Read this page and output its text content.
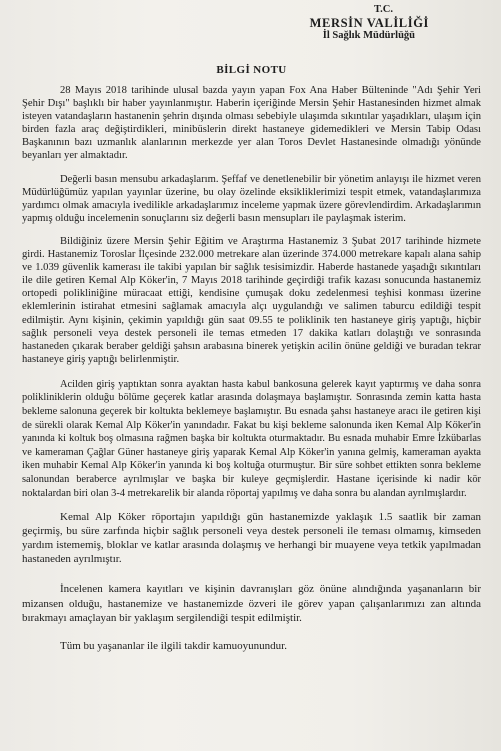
T.C.
MERSİN VALİLİĞİ
İl Sağlık Müdürlüğü
BİLGİ NOTU

28 Mayıs 2018 tarihinde ulusal bazda yayın yapan Fox Ana Haber Bülteninde "Adı Şehir Yeri Şehir Dışı" başlıklı bir haber yayınlanmıştır. Haberin içeriğinde Mersin Şehir Hastanesinden hizmet almak isteyen vatandaşların hastanenin şehrin dışında olması sebebiyle ulaşımda sıkıntılar yaşadıkları, ulaşım için birden fazla araç değiştirdikleri, minibüslerin direkt hastaneye gidemedikleri ve Mersin Tabip Odası Başkanının bazı uzmanlık alanlarının merkezde yer alan Toros Devlet Hastanesinde olmadığı yönünde beyanları yer almaktadır.

Değerli basın mensubu arkadaşlarım. Şeffaf ve denetlenebilir bir yönetim anlayışı ile hizmet veren Müdürlüğümüz yapılan yayınlar üzerine, bu olay özelinde eksikliklerimizi tespit etmek, vatandaşlarımıza yardımcı olmak amacıyla ivedilikle arkadaşlarımız inceleme yapmak üzere görevlendirdim. Arkadaşlarımın yapmış olduğu incelemenin sonuçlarını siz değerli basın mensupları ile paylaşmak isterim.

Bildiğiniz üzere Mersin Şehir Eğitim ve Araştırma Hastanemiz 3 Şubat 2017 tarihinde hizmete girdi. Hastanemiz Toroslar İlçesinde 232.000 metrekare alan üzerinde 374.000 metrekare kapalı alana sahip ve 1.039 güvenlik kamerası ile takibi yapılan bir sağlık tesisimizdir. Haberde hastanede yaşadığı sıkıntıları ile dile getiren Kemal Alp Köker'in, 7 Mayıs 2018 tarihinde geçirdiği trafik kazası sonucunda hastanemiz ortopedi polikliniğine müracaat ettiği, kendisine çumuşak doku zedelenmesi teşhisi konması üzerine eklemlerinin istirahat etmesini sağlamak amacıyla alçı uygulandığı ve salimen taburcu edildiği tespit edilmiştir. Aynı kişinin, çekimin yapıldığı gün saat 09.55 te poliklinik ten hastaneye giriş yaptığı, hiçbir sağlık personeli veya destek personeli ile temas etmeden 17 dakika katları dolaştığı ve sonrasında hastaneden çıkarak beraber geldiği şahsın arabasına binerek yetişkin acilin önüne geldiği ve buradan tekrar hastaneye giriş yaptığı belirlenmiştir.

Acilden giriş yaptıktan sonra ayaktan hasta kabul bankosuna gelerek kayıt yaptırmış ve daha sonra polikliniklerin olduğu bölüme geçerek katlar arasında dolaşmaya başlamıştır. Sonrasında zemin katta hasta bekleme salonuna geçerek bir koltukta beklemeye başlamıştır. Bu esnada şahsı hastaneye aracı ile getiren kişi de sürekli olarak Kemal Alp Köker'in yanındadır. Fakat bu kişi bekleme salonunda iken Kemal Alp Köker'in yanında ki koltuk boş olmasına rağmen başka bir koltukta oturmaktadır. Bu esnada muhabir Emre İzkübarlas ve kameraman Çağlar Güner hastaneye giriş yaparak Kemal Alp Köker'in yanına gelmiş, kameraman ayakta iken muhabir Kemal Alp Köker'in yanında ki boş koltuğa oturmuştur. Bir süre sohbet ettikten sonra bekleme salonundan beraberce ayrılmışlar ve başka bir kuleye geçmişlerdir. Hastane içerisinde ki nadir kör noktalardan biri olan 3-4 metrekarelik bir alanda röportaj yapılmış ve daha sonra bu alandan ayrılmışlardır.

Kemal Alp Köker röportajın yapıldığı gün hastanemizde yaklaşık 1.5 saatlik bir zaman geçirmiş, bu süre zarfında hiçbir sağlık personeli veya destek personeli ile teması olmamış, kimseden yardım istememiş, bloklar ve katlar arasında dolaşmış ve herhangi bir muayene veya tetkik yapılmadan hastaneden ayrılmıştır.

İncelenen kamera kayıtları ve kişinin davranışları göz önüne alındığında yaşananların bir mizansen olduğu, hastanemize ve hastanemizde özveri ile görev yapan çalışanlarımızı zan altında bırakmayı amaçlayan bir yaklaşım sergilendiği tespit edilmiştir.

Tüm bu yaşananlar ile ilgili takdir kamuoyunundur.
